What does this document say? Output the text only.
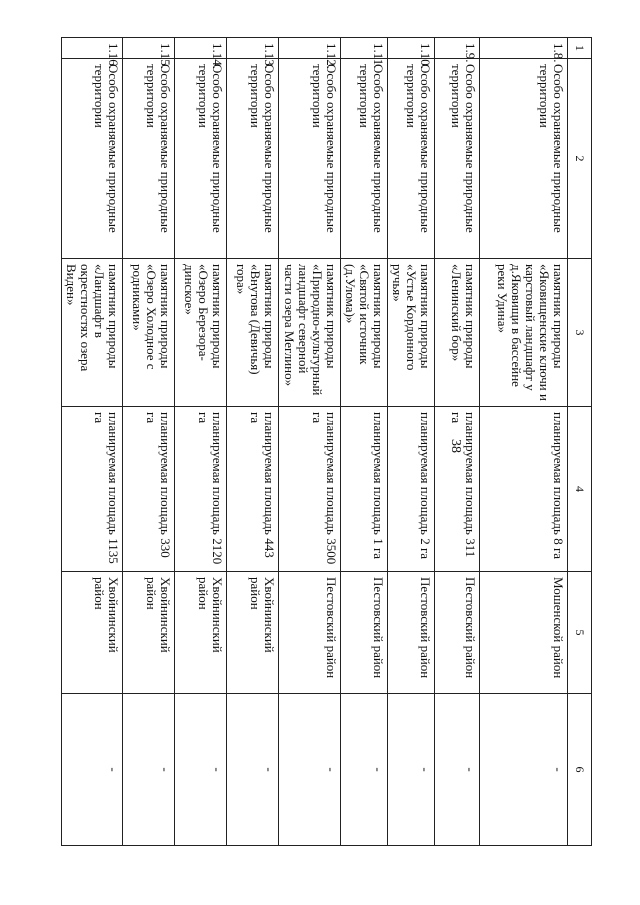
38
1	2	3	4	5	6
1.8.	Особо охраняемые природные территории	памятник природы «Яковищенские ключи и карстовый ландшафт у д.Яковищи в бассейне реки Удина»	планируемая площадь 8 га	Мошенской район	-
1.9.	Особо охраняемые природные территории	памятник природы «Ленинский бор»	планируемая площадь 311 га	Пестовский район	-
1.10.	Особо охраняемые природные территории	памятник природы «Устье Кордонного ручья»	планируемая площадь 2 га	Пестовский район	-
1.11.	Особо охраняемые природные территории	памятник природы «Святой источник (д.Улома)»	планируемая площадь 1 га	Пестовский район	-
1.12.	Особо охраняемые природные территории	памятник природы «Природно-культурный ландшафт северной части озера Меглино»	планируемая площадь 3500 га	Пестовский район	-
1.13.	Особо охраняемые природные территории	памятник природы «Внутова (Девичья) гора»	планируемая площадь 443 га	Хвойнинский район	-
1.14.	Особо охраняемые природные территории	памятник природы «Озеро Березорадинское»	планируемая площадь 2120 га	Хвойнинский район	-
1.15.	Особо охраняемые природные территории	памятник природы «Озеро Холодное с родниками»	планируемая площадь 330 га	Хвойнинский район	-
1.16.	Особо охраняемые природные территории	памятник природы «Ландшафт в окрестностях озера Виден»	планируемая площадь 1135 га	Хвойнинский район	-
